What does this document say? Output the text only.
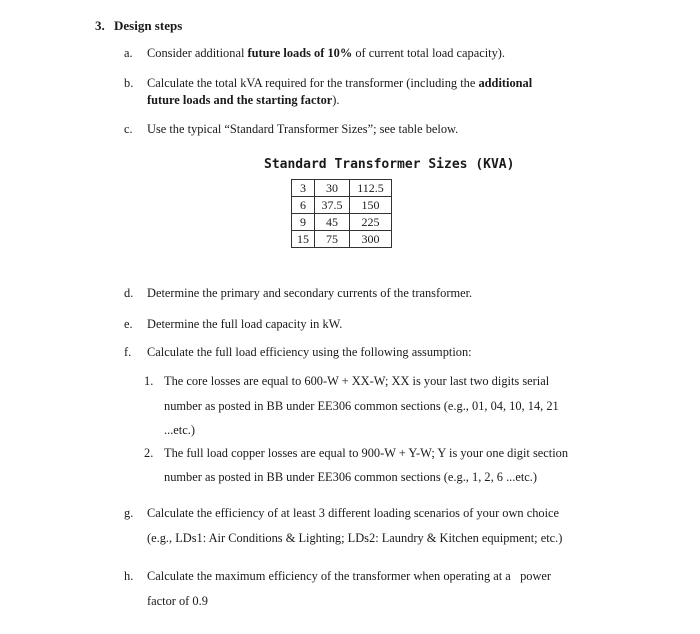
3. Design steps
a. Consider additional future loads of 10% of current total load capacity).
b. Calculate the total kVA required for the transformer (including the additional
future loads and the starting factor).
c. Use the typical “Standard Transformer Sizes”; see table below.
Standard Transformer Sizes (KVA)
3	30	112.5
6	37.5	150
9	45	225
15	75	300
d. Determine the primary and secondary currents of the transformer.
e. Determine the full load capacity in kW.
f. Calculate the full load efficiency using the following assumption:
1. The core losses are equal to 600-W + XX-W; XX is your last two digits serial
number as posted in BB under EE306 common sections (e.g., 01, 04, 10, 14, 21
...etc.)
2. The full load copper losses are equal to 900-W + Y-W; Y is your one digit section
number as posted in BB under EE306 common sections (e.g., 1, 2, 6 ...etc.)
g. Calculate the efficiency of at least 3 different loading scenarios of your own choice
(e.g., LDs1: Air Conditions & Lighting; LDs2: Laundry & Kitchen equipment; etc.)
h. Calculate the maximum efficiency of the transformer when operating at a   power
factor of 0.9
